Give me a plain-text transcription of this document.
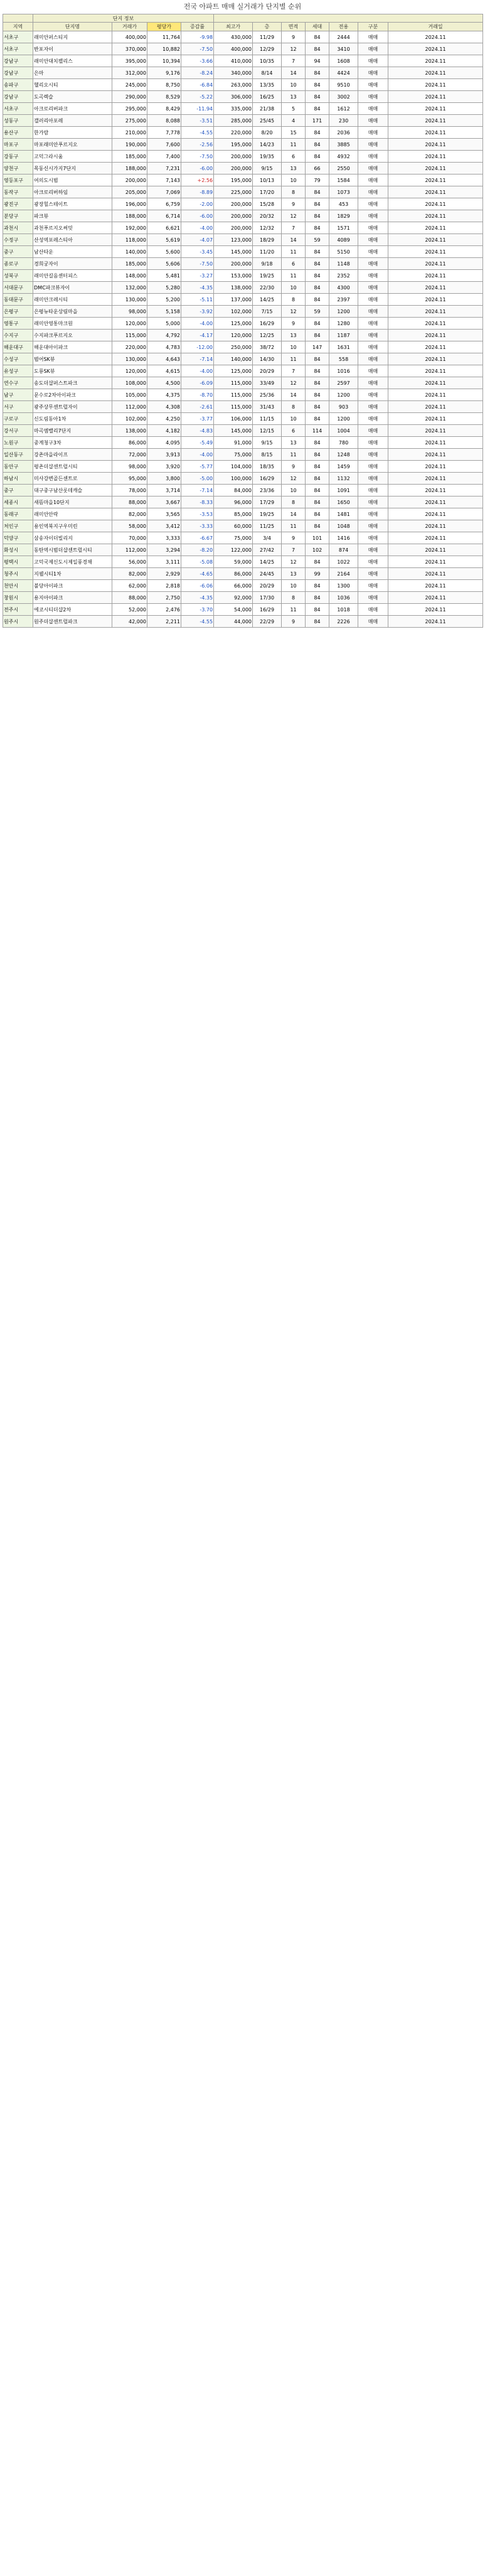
전국 아파트 매매 실거래가 단지별 순위
	단지 정보										
지역	단지명	거래가	평당가	증감률	최고가	층	면적	세대	전용	구분	거래일
서초구	래미안퍼스티지	400,000	11,764	-9.98	430,000	11/29	9	84	2444	매매	2024.11
서초구	반포자이	370,000	10,882	-7.50	400,000	12/29	12	84	3410	매매	2024.11
강남구	래미안대치팰리스	395,000	10,394	-3.66	410,000	10/35	7	94	1608	매매	2024.11
강남구	은마	312,000	9,176	-8.24	340,000	8/14	14	84	4424	매매	2024.11
송파구	헬리오시티	245,000	8,750	-6.84	263,000	13/35	10	84	9510	매매	2024.11
강남구	도곡렉슬	290,000	8,529	-5.22	306,000	16/25	13	84	3002	매매	2024.11
서초구	아크로리버파크	295,000	8,429	-11.94	335,000	21/38	5	84	1612	매매	2024.11
성동구	갤러리아포레	275,000	8,088	-3.51	285,000	25/45	4	171	230	매매	2024.11
용산구	한가람	210,000	7,778	-4.55	220,000	8/20	15	84	2036	매매	2024.11
마포구	마포래미안푸르지오	190,000	7,600	-2.56	195,000	14/23	11	84	3885	매매	2024.11
강동구	고덕그라시움	185,000	7,400	-7.50	200,000	19/35	6	84	4932	매매	2024.11
양천구	목동신시가지7단지	188,000	7,231	-6.00	200,000	9/15	13	66	2550	매매	2024.11
영등포구	여의도시범	200,000	7,143	+2.56	195,000	10/13	10	79	1584	매매	2024.11
동작구	아크로리버하임	205,000	7,069	-8.89	225,000	17/20	8	84	1073	매매	2024.11
광진구	광장힐스테이트	196,000	6,759	-2.00	200,000	15/28	9	84	453	매매	2024.11
분당구	파크뷰	188,000	6,714	-6.00	200,000	20/32	12	84	1829	매매	2024.11
과천시	과천푸르지오써밋	192,000	6,621	-4.00	200,000	12/32	7	84	1571	매매	2024.11
수정구	산성역포레스티아	118,000	5,619	-4.07	123,000	18/29	14	59	4089	매매	2024.11
중구	남산타운	140,000	5,600	-3.45	145,000	11/20	11	84	5150	매매	2024.11
종로구	경희궁자이	185,000	5,606	-7.50	200,000	9/18	6	84	1148	매매	2024.11
성북구	래미안길음센터피스	148,000	5,481	-3.27	153,000	19/25	11	84	2352	매매	2024.11
서대문구	DMC파크뷰자이	132,000	5,280	-4.35	138,000	22/30	10	84	4300	매매	2024.11
동대문구	래미안크레시티	130,000	5,200	-5.11	137,000	14/25	8	84	2397	매매	2024.11
은평구	은평뉴타운상림마을	98,000	5,158	-3.92	102,000	7/15	12	59	1200	매매	2024.11
영통구	래미안영통마크원	120,000	5,000	-4.00	125,000	16/29	9	84	1280	매매	2024.11
수지구	수지파크푸르지오	115,000	4,792	-4.17	120,000	12/25	13	84	1187	매매	2024.11
해운대구	해운대아이파크	220,000	4,783	-12.00	250,000	38/72	10	147	1631	매매	2024.11
수성구	범어SK뷰	130,000	4,643	-7.14	140,000	14/30	11	84	558	매매	2024.11
유성구	도룡SK뷰	120,000	4,615	-4.00	125,000	20/29	7	84	1016	매매	2024.11
연수구	송도더샵퍼스트파크	108,000	4,500	-6.09	115,000	33/49	12	84	2597	매매	2024.11
남구	문수로2차아이파크	105,000	4,375	-8.70	115,000	25/36	14	84	1200	매매	2024.11
서구	광주상무센트럴자이	112,000	4,308	-2.61	115,000	31/43	8	84	903	매매	2024.11
구로구	신도림동아1차	102,000	4,250	-3.77	106,000	11/15	10	84	1200	매매	2024.11
강서구	마곡엠밸리7단지	138,000	4,182	-4.83	145,000	12/15	6	114	1004	매매	2024.11
노원구	중계청구3차	86,000	4,095	-5.49	91,000	9/15	13	84	780	매매	2024.11
일산동구	강촌마을라이프	72,000	3,913	-4.00	75,000	8/15	11	84	1248	매매	2024.11
동안구	평촌더샵센트럴시티	98,000	3,920	-5.77	104,000	18/35	9	84	1459	매매	2024.11
하남시	미사강변골든센트로	95,000	3,800	-5.00	100,000	16/29	12	84	1132	매매	2024.11
중구	대구중구남산롯데캐슬	78,000	3,714	-7.14	84,000	23/36	10	84	1091	매매	2024.11
세종시	새뜸마을10단지	88,000	3,667	-8.33	96,000	17/29	8	84	1650	매매	2024.11
동래구	래미안안락	82,000	3,565	-3.53	85,000	19/25	14	84	1481	매매	2024.11
처인구	용인역북지구우미린	58,000	3,412	-3.33	60,000	11/25	11	84	1048	매매	2024.11
덕양구	삼송자이더빌리지	70,000	3,333	-6.67	75,000	3/4	9	101	1416	매매	2024.11
화성시	동탄역시범더샵센트럴시티	112,000	3,294	-8.20	122,000	27/42	7	102	874	매매	2024.11
평택시	고덕국제신도시제일풍경채	56,000	3,111	-5.08	59,000	14/25	12	84	1022	매매	2024.11
청주시	지웰시티1차	82,000	2,929	-4.65	86,000	24/45	13	99	2164	매매	2024.11
천안시	불당아이파크	62,000	2,818	-6.06	66,000	20/29	10	84	1300	매매	2024.11
창원시	용지아이파크	88,000	2,750	-4.35	92,000	17/30	8	84	1036	매매	2024.11
전주시	에코시티더샵2차	52,000	2,476	-3.70	54,000	16/29	11	84	1018	매매	2024.11
원주시	원주더샵센트럴파크	42,000	2,211	-4.55	44,000	22/29	9	84	2226	매매	2024.11
